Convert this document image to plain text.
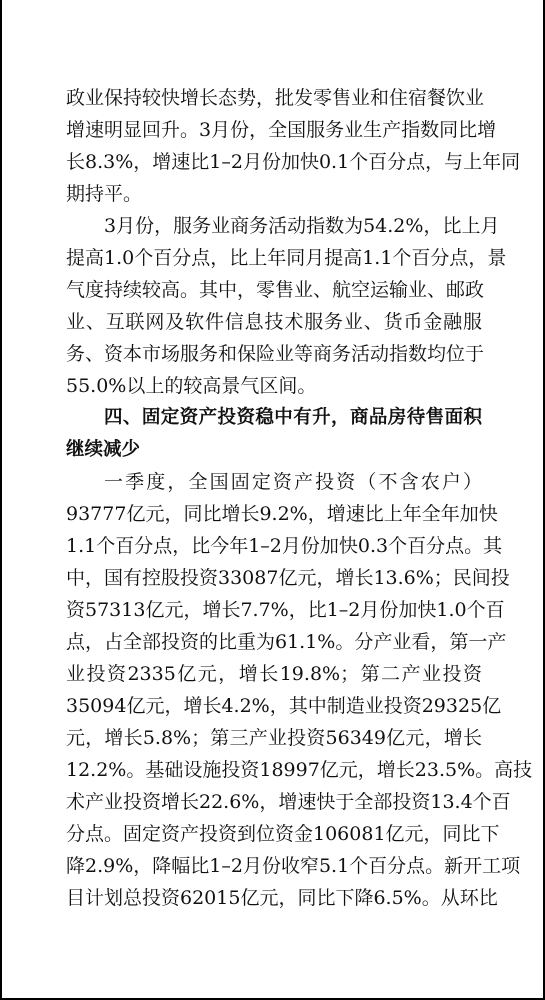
政业保持较快增长态势，批发零售业和住宿餐饮业
增速明显回升。3月份，全国服务业生产指数同比增
长8.3%，增速比1–2月份加快0.1个百分点，与上年同
期持平。
3月份，服务业商务活动指数为54.2%，比上月
提高1.0个百分点，比上年同月提高1.1个百分点，景
气度持续较高。其中，零售业、航空运输业、邮政
业、互联网及软件信息技术服务业、货币金融服
务、资本市场服务和保险业等商务活动指数均位于
55.0%以上的较高景气区间。
四、固定资产投资稳中有升，商品房待售面积
继续减少
一季度，全国固定资产投资（不含农户）
93777亿元，同比增长9.2%，增速比上年全年加快
1.1个百分点，比今年1–2月份加快0.3个百分点。其
中，国有控股投资33087亿元，增长13.6%；民间投
资57313亿元，增长7.7%，比1–2月份加快1.0个百
点，占全部投资的比重为61.1%。分产业看，第一产
业投资2335亿元，增长19.8%；第二产业投资
35094亿元，增长4.2%，其中制造业投资29325亿
元，增长5.8%；第三产业投资56349亿元，增长
12.2%。基础设施投资18997亿元，增长23.5%。高技
术产业投资增长22.6%，增速快于全部投资13.4个百
分点。固定资产投资到位资金106081亿元，同比下
降2.9%，降幅比1–2月份收窄5.1个百分点。新开工项
目计划总投资62015亿元，同比下降6.5%。从环比
